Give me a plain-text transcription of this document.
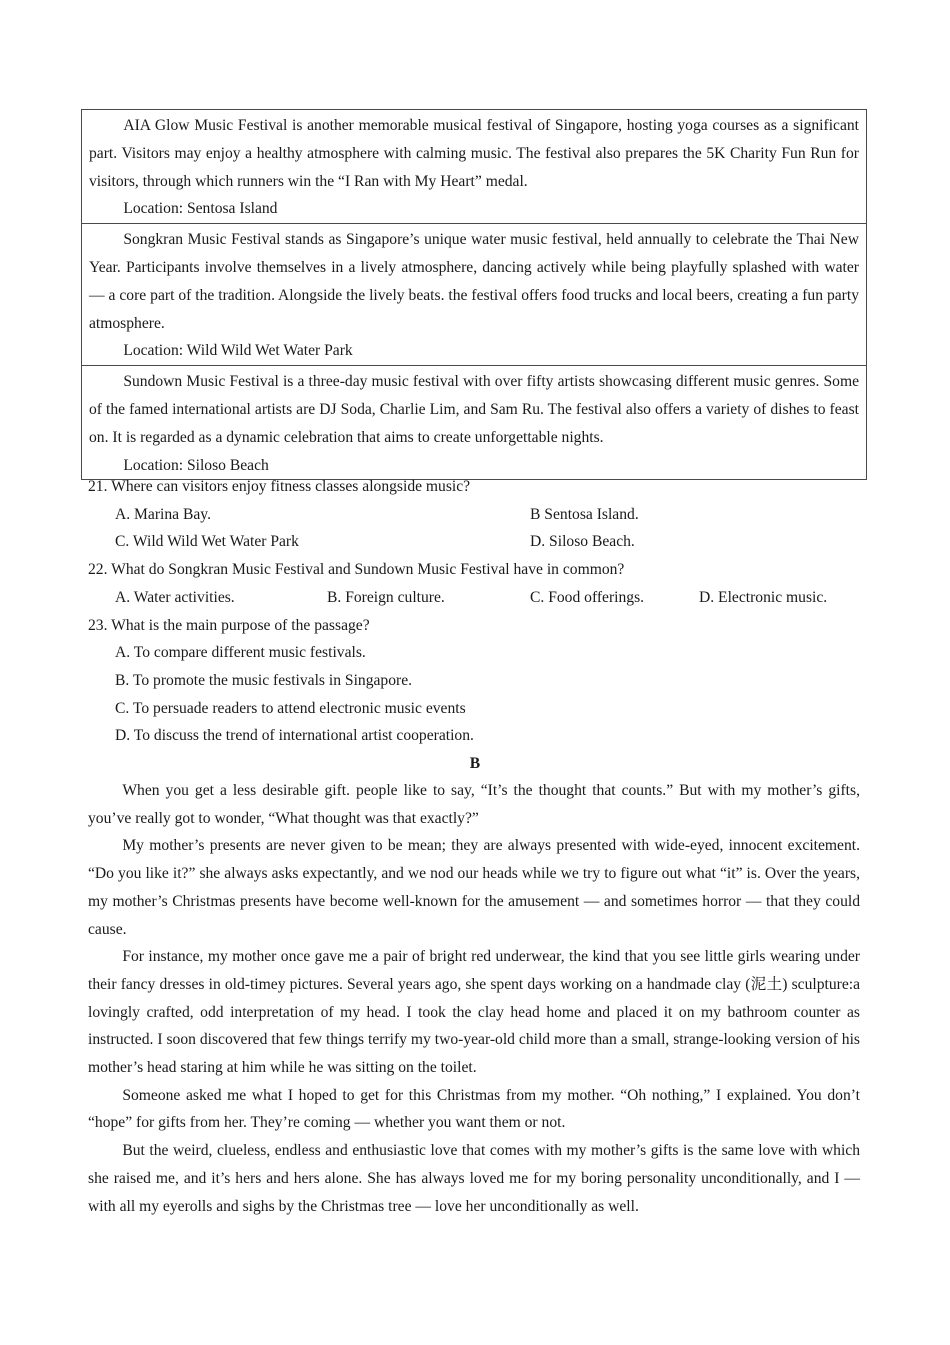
AIA Glow Music Festival is another memorable musical festival of Singapore, hosting yoga courses as a significant part. Visitors may enjoy a healthy atmosphere with calming music. The festival also prepares the 5K Charity Fun Run for visitors, through which runners win the “I Ran with My Heart” medal.

Location: Sentosa Island

Songkran Music Festival stands as Singapore’s unique water music festival, held annually to celebrate the Thai New Year. Participants involve themselves in a lively atmosphere, dancing actively while being playfully splashed with water — a core part of the tradition. Alongside the lively beats. the festival offers food trucks and local beers, creating a fun party atmosphere.

Location: Wild Wild Wet Water Park

Sundown Music Festival is a three-day music festival with over fifty artists showcasing different music genres. Some of the famed international artists are DJ Soda, Charlie Lim, and Sam Ru. The festival also offers a variety of dishes to feast on. It is regarded as a dynamic celebration that aims to create unforgettable nights.

Location: Siloso Beach

21. Where can visitors enjoy fitness classes alongside music?

A. Marina Bay.	B Sentosa Island.
C. Wild Wild Wet Water Park	D. Siloso Beach.

22. What do Songkran Music Festival and Sundown Music Festival have in common?

A. Water activities.	B. Foreign culture.	C. Food offerings.	D. Electronic music.

23. What is the main purpose of the passage?

A. To compare different music festivals.

B. To promote the music festivals in Singapore.

C. To persuade readers to attend electronic music events

D. To discuss the trend of international artist cooperation.

B

When you get a less desirable gift. people like to say, “It’s the thought that counts.” But with my mother’s gifts, you’ve really got to wonder, “What thought was that exactly?”

My mother’s presents are never given to be mean; they are always presented with wide-eyed, innocent excitement. “Do you like it?” she always asks expectantly, and we nod our heads while we try to figure out what “it” is. Over the years, my mother’s Christmas presents have become well-known for the amusement — and sometimes horror — that they could cause.

For instance, my mother once gave me a pair of bright red underwear, the kind that you see little girls wearing under their fancy dresses in old-timey pictures. Several years ago, she spent days working on a handmade clay (泥土) sculpture:a lovingly crafted, odd interpretation of my head. I took the clay head home and placed it on my bathroom counter as instructed. I soon discovered that few things terrify my two-year-old child more than a small, strange-looking version of his mother’s head staring at him while he was sitting on the toilet.

Someone asked me what I hoped to get for this Christmas from my mother. “Oh nothing,” I explained. You don’t “hope” for gifts from her. They’re coming — whether you want them or not.

But the weird, clueless, endless and enthusiastic love that comes with my mother’s gifts is the same love with which she raised me, and it’s hers and hers alone. She has always loved me for my boring personality unconditionally, and I — with all my eyerolls and sighs by the Christmas tree — love her unconditionally as well.
